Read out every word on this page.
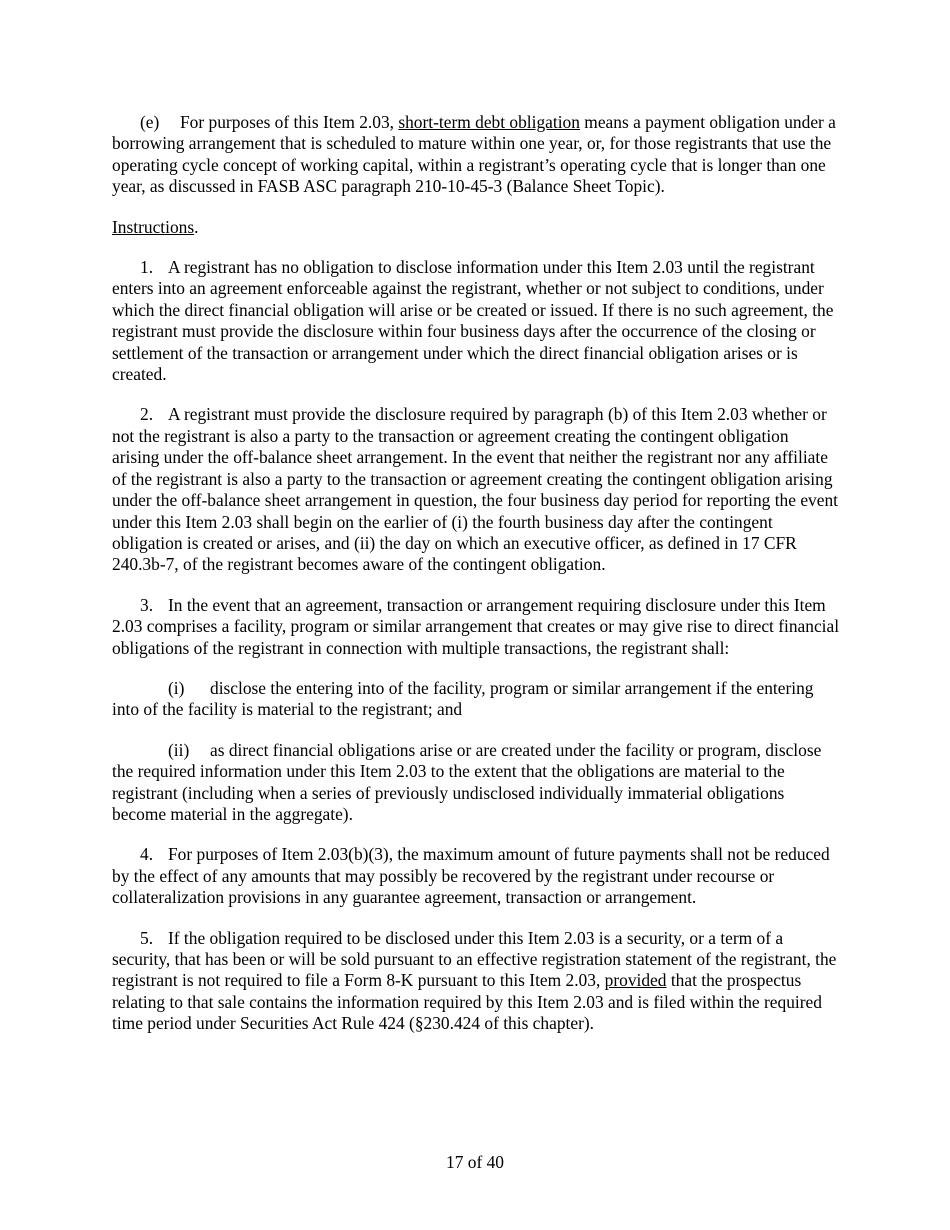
(e) For purposes of this Item 2.03, short-term debt obligation means a payment obligation under a borrowing arrangement that is scheduled to mature within one year, or, for those registrants that use the operating cycle concept of working capital, within a registrant’s operating cycle that is longer than one year, as discussed in FASB ASC paragraph 210-10-45-3 (Balance Sheet Topic).

Instructions.

1. A registrant has no obligation to disclose information under this Item 2.03 until the registrant enters into an agreement enforceable against the registrant, whether or not subject to conditions, under which the direct financial obligation will arise or be created or issued. If there is no such agreement, the registrant must provide the disclosure within four business days after the occurrence of the closing or settlement of the transaction or arrangement under which the direct financial obligation arises or is created.

2. A registrant must provide the disclosure required by paragraph (b) of this Item 2.03 whether or not the registrant is also a party to the transaction or agreement creating the contingent obligation arising under the off-balance sheet arrangement. In the event that neither the registrant nor any affiliate of the registrant is also a party to the transaction or agreement creating the contingent obligation arising under the off-balance sheet arrangement in question, the four business day period for reporting the event under this Item 2.03 shall begin on the earlier of (i) the fourth business day after the contingent obligation is created or arises, and (ii) the day on which an executive officer, as defined in 17 CFR 240.3b-7, of the registrant becomes aware of the contingent obligation.

3. In the event that an agreement, transaction or arrangement requiring disclosure under this Item 2.03 comprises a facility, program or similar arrangement that creates or may give rise to direct financial obligations of the registrant in connection with multiple transactions, the registrant shall:

(i) disclose the entering into of the facility, program or similar arrangement if the entering into of the facility is material to the registrant; and

(ii) as direct financial obligations arise or are created under the facility or program, disclose the required information under this Item 2.03 to the extent that the obligations are material to the registrant (including when a series of previously undisclosed individually immaterial obligations become material in the aggregate).

4. For purposes of Item 2.03(b)(3), the maximum amount of future payments shall not be reduced by the effect of any amounts that may possibly be recovered by the registrant under recourse or collateralization provisions in any guarantee agreement, transaction or arrangement.

5. If the obligation required to be disclosed under this Item 2.03 is a security, or a term of a security, that has been or will be sold pursuant to an effective registration statement of the registrant, the registrant is not required to file a Form 8-K pursuant to this Item 2.03, provided that the prospectus relating to that sale contains the information required by this Item 2.03 and is filed within the required time period under Securities Act Rule 424 (§230.424 of this chapter).

17 of 40
